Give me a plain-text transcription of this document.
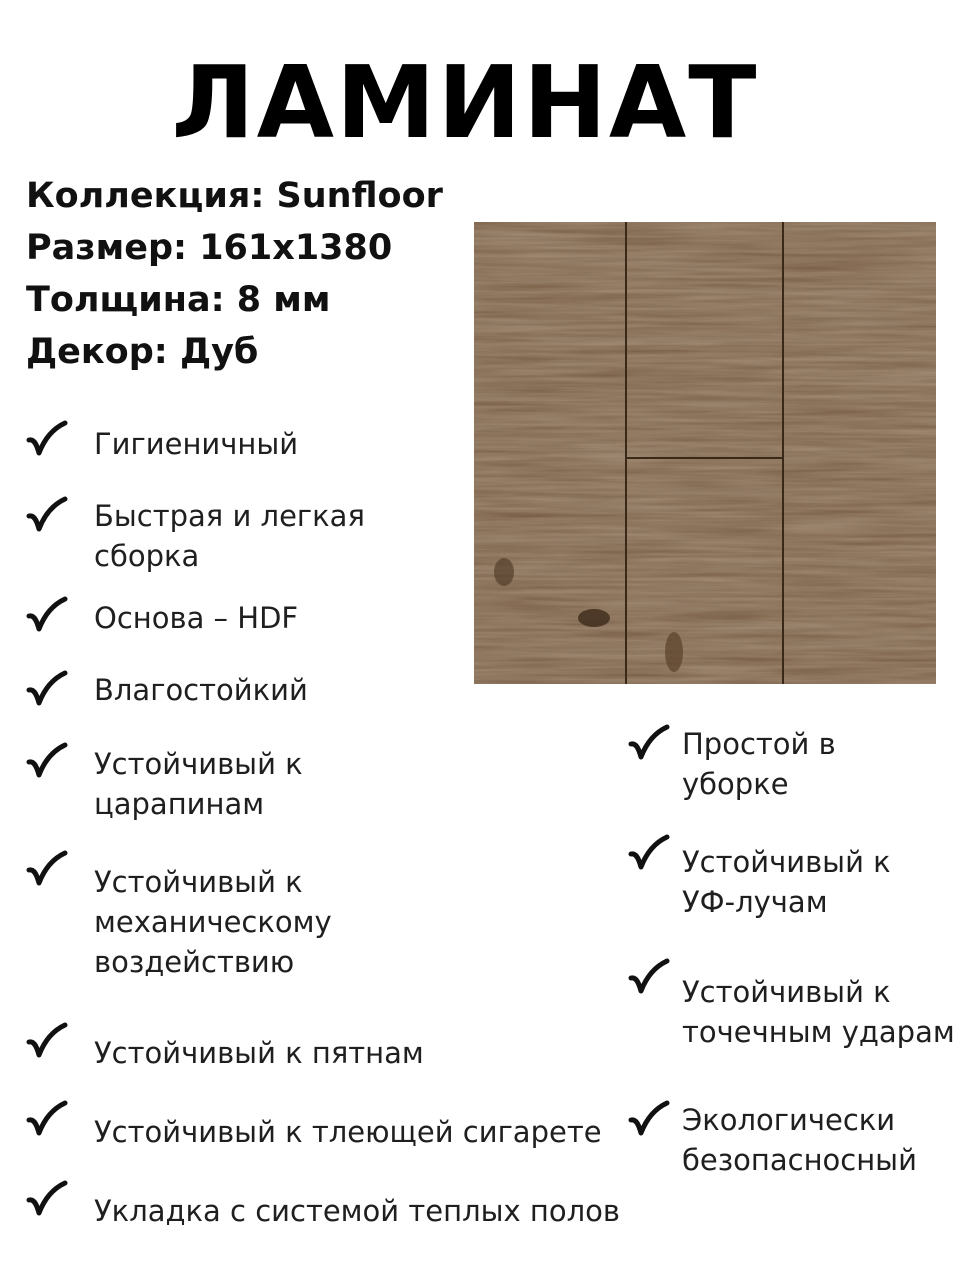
ЛАМИНАТ
Коллекция: Sunfloor
Размер: 161х1380
Толщина: 8 мм
Декор: Дуб
Гигиеничный
Быстрая и легкая
сборка
Основа – HDF
Влагостойкий
Устойчивый к
царапинам
Устойчивый к
механическому
воздействию
Устойчивый к пятнам
Устойчивый к тлеющей сигарете
Укладка с системой теплых полов
Простой в
уборке
Устойчивый к
УФ-лучам
Устойчивый к
точечным ударам
Экологически
безопасносный
